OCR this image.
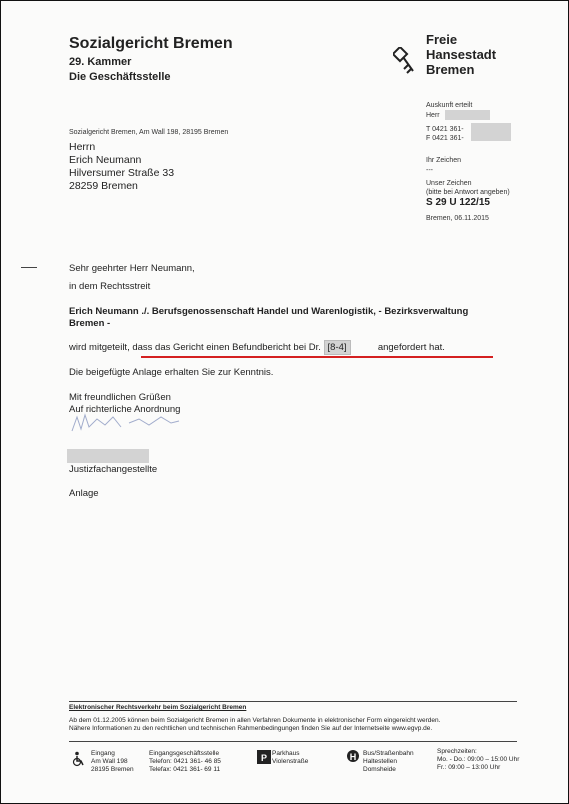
Sozialgericht Bremen
29. Kammer
Die Geschäftsstelle
Freie
Hansestadt
Bremen
Sozialgericht Bremen, Am Wall 198, 28195 Bremen
Herrn
Erich Neumann
Hilversumer Straße 33
28259 Bremen
Auskunft erteilt
Herr
T 0421 361-
F 0421 361-
Ihr Zeichen
---
Unser Zeichen
(bitte bei Antwort angeben)
S 29 U 122/15
Bremen, 06.11.2015
Sehr geehrter Herr Neumann,
in dem Rechtsstreit
Erich Neumann ./. Berufsgenossenschaft Handel und Warenlogistik, - Bezirksverwaltung
Bremen -
wird mitgeteilt, dass das Gericht einen Befundbericht bei Dr. [8-4]	angefordert hat.
Die beigefügte Anlage erhalten Sie zur Kenntnis.
Mit freundlichen Grüßen
Auf richterliche Anordnung
Justizfachangestellte
Anlage
Elektronischer Rechtsverkehr beim Sozialgericht Bremen
Ab dem 01.12.2005 können beim Sozialgericht Bremen in allen Verfahren Dokumente in elektronischer Form eingereicht werden.
Nähere Informationen zu den rechtlichen und technischen Rahmenbedingungen finden Sie auf der Internetseite www.egvp.de.
Eingang
Am Wall 198
28195 Bremen
Eingangsgeschäftsstelle
Telefon: 0421 361- 46 85
Telefax: 0421 361- 69 11
P Parkhaus
Violenstraße	H	Bus/Straßenbahn
Haltestellen
Domsheide
Sprechzeiten:
Mo. - Do.: 09:00 – 15:00 Uhr
Fr.: 09:00 – 13:00 Uhr
